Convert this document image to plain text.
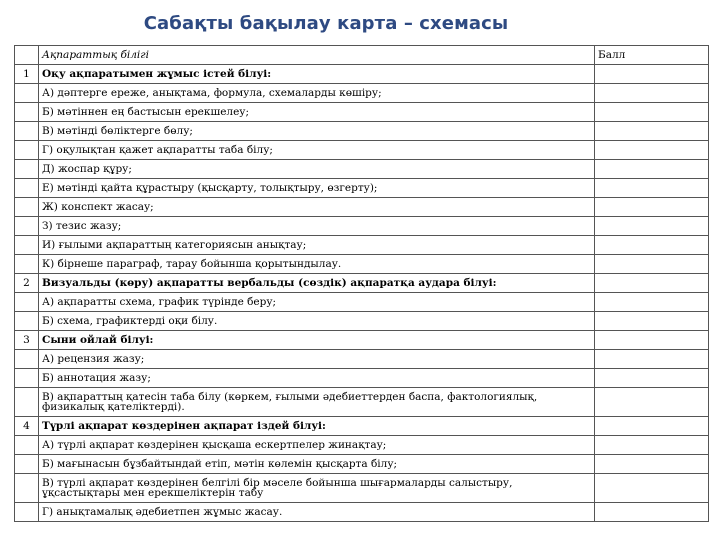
Сабақты бақылау карта – схемасы
	Ақпараттық білігі	Балл
1	Оқу ақпаратымен жұмыс істей білуі:	
	А) дәптерге ереже, анықтама, формула, схемаларды көшіру;	
	Б) мәтіннен ең бастысын ерекшелеу;	
	В) мәтінді бөліктерге бөлу;	
	Г) оқулықтан қажет ақпаратты таба білу;	
	Д) жоспар құру;	
	Е) мәтінді қайта құрастыру (қысқарту, толықтыру, өзгерту);	
	Ж) конспект жасау;	
	З) тезис жазу;	
	И) ғылыми ақпараттың категориясын анықтау;	
	К) бірнеше параграф, тарау бойынша қорытындылау.	
2	Визуальды (көру) ақпаратты вербальды (сөздік) ақпаратқа аудара білуі:	
	А) ақпаратты схема, график түрінде беру;	
	Б) схема, графиктерді оқи білу.	
3	Сыни ойлай білуі:	
	А) рецензия жазу;	
	Б) аннотация жазу;	
	В) ақпараттың қатесін таба білу (көркем, ғылыми әдебиеттерден баспа, фактологиялық, физикалық қателіктерді).	
4	Түрлі ақпарат көздерінен ақпарат іздей білуі:	
	А) түрлі ақпарат көздерінен қысқаша ескертпелер жинақтау;	
	Б) мағынасын бұзбайтындай етіп, мәтін көлемін қысқарта білу;	
	В) түрлі ақпарат көздерінен белгілі бір мәселе бойынша шығармаларды салыстыру, ұқсастықтары мен ерекшеліктерін табу	
	Г) анықтамалық әдебиетпен жұмыс жасау.	
